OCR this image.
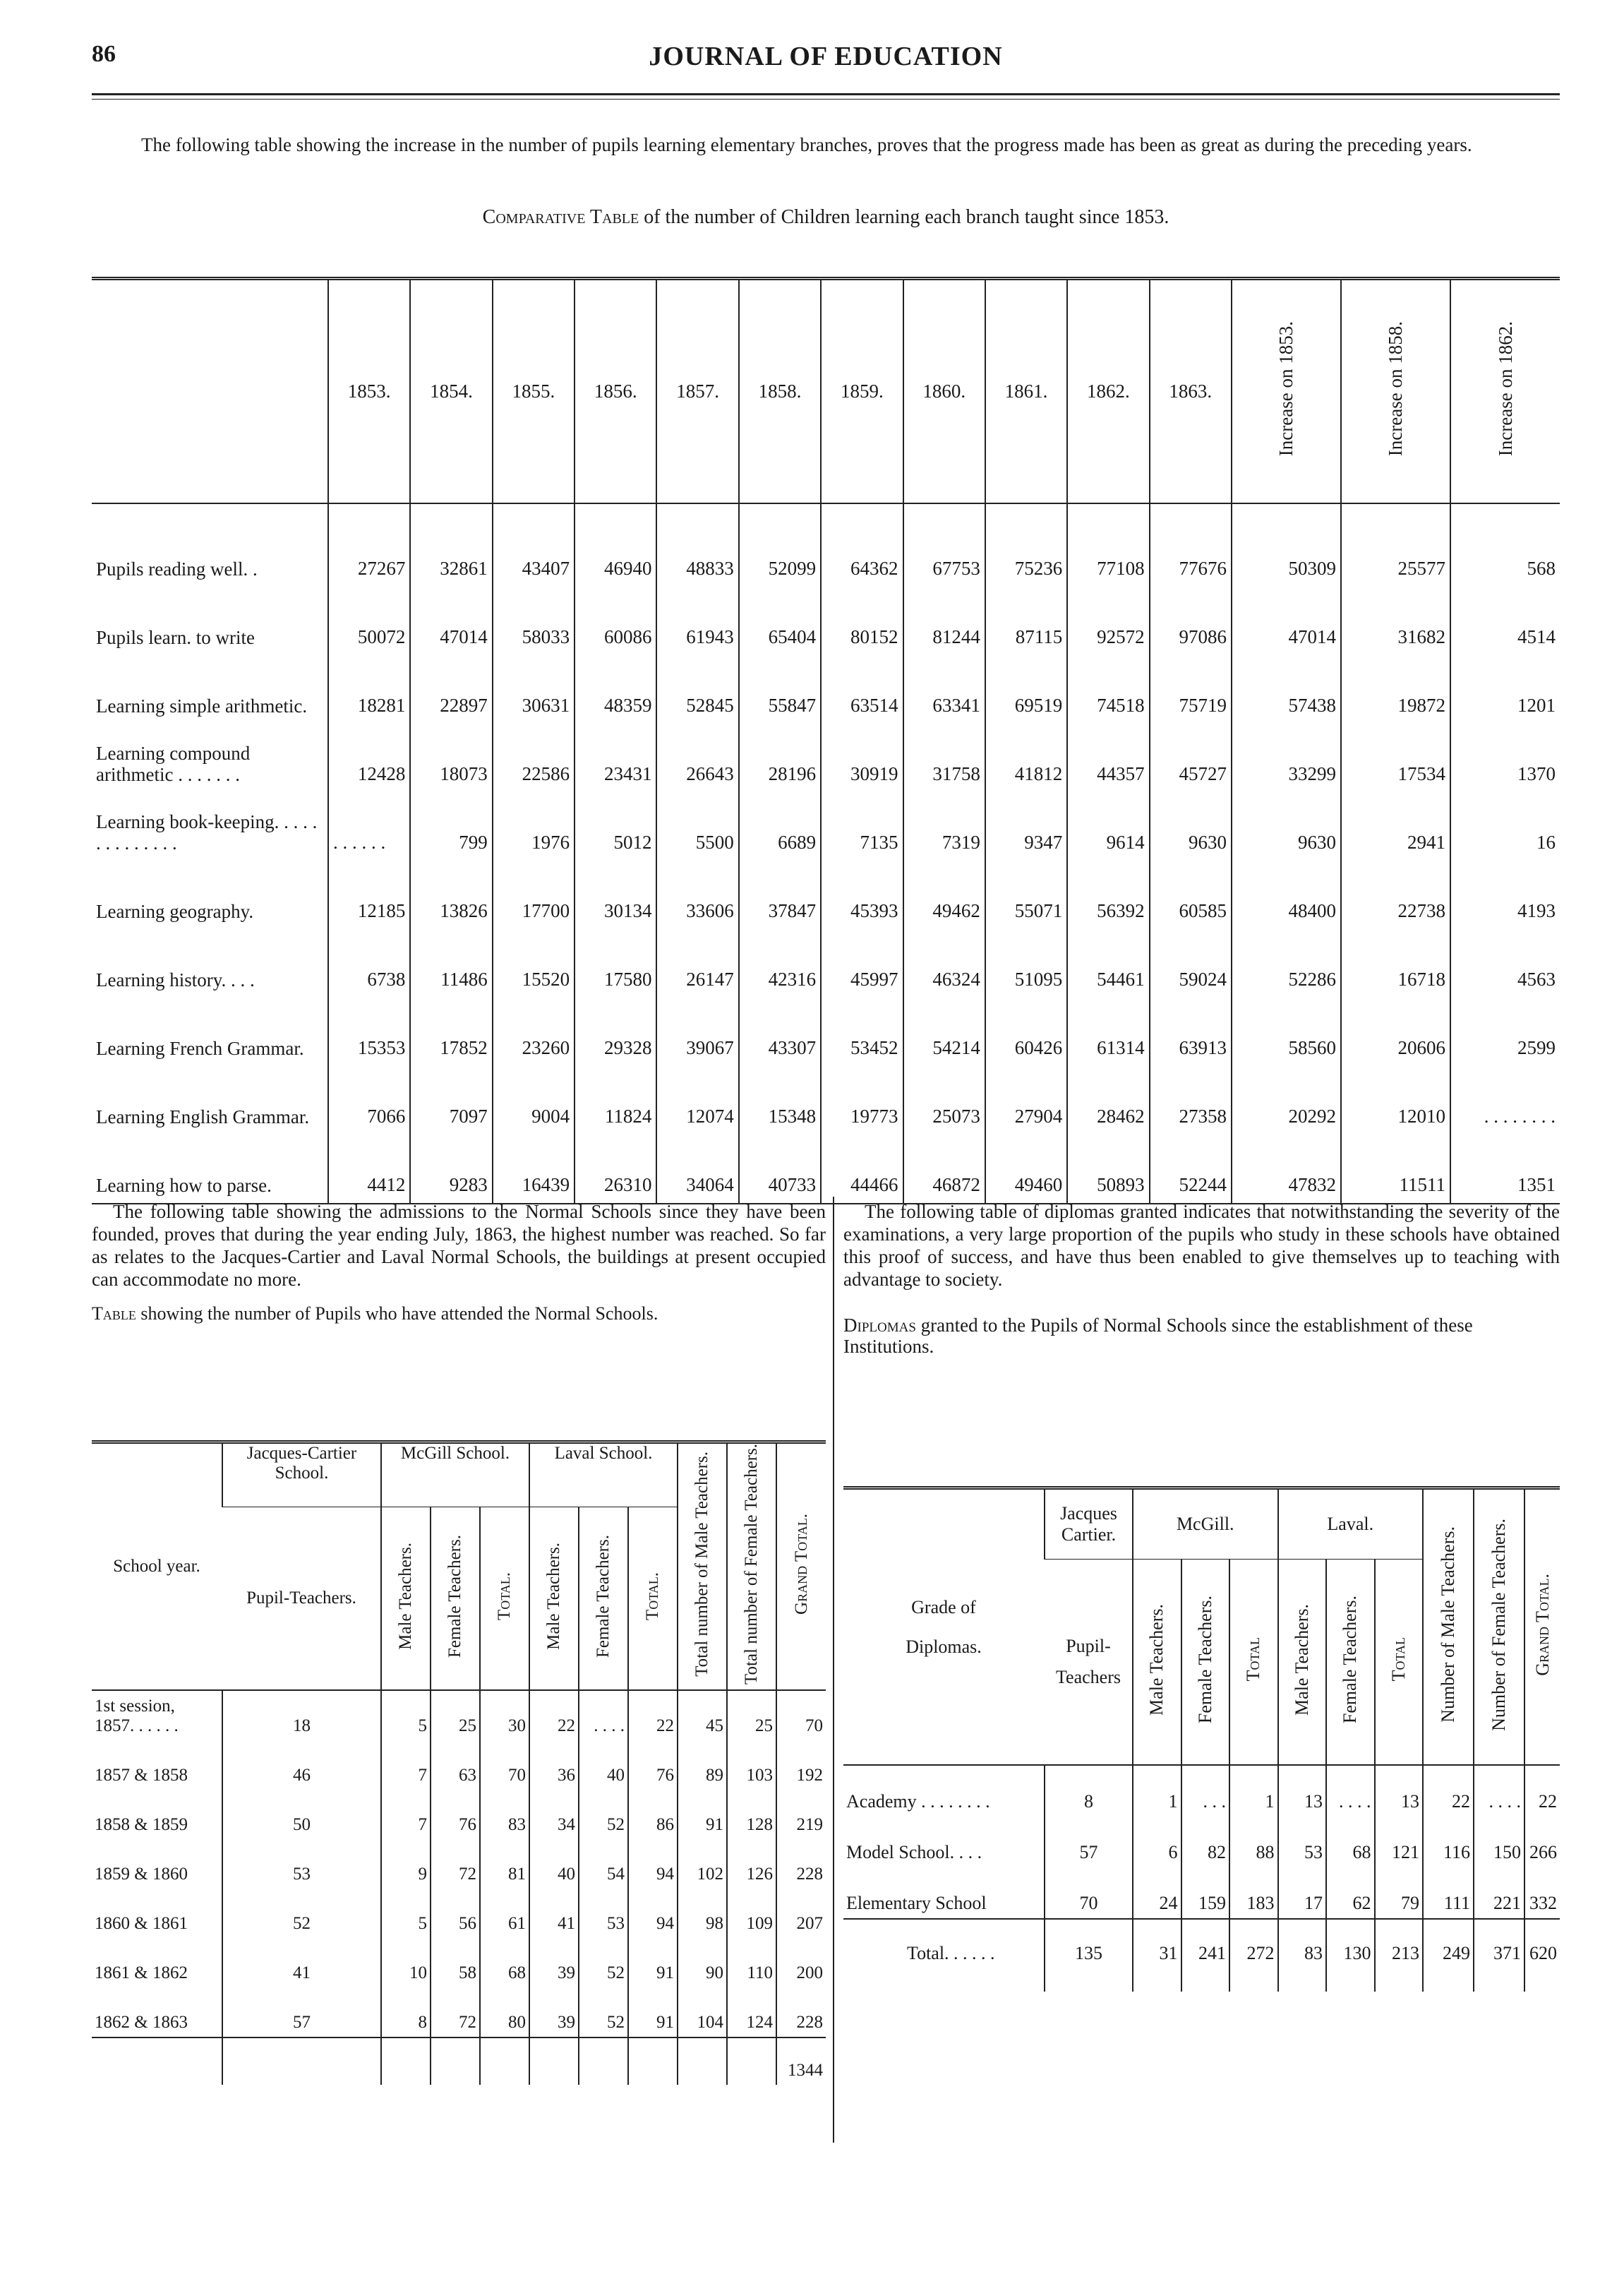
86	JOURNAL OF EDUCATION

The following table showing the increase in the number of pupils learning elementary branches, proves that the progress made has been as great as during the preceding years.

Comparative Table of the number of Children learning each branch taught since 1853.
	1853.	1854.	1855.	1856.	1857.	1858.	1859.	1860.	1861.	1862.	1863.	Increase on 1853.	Increase on 1858.	Increase on 1862.
Pupils reading well. .	27267	32861	43407	46940	48833	52099	64362	67753	75236	77108	77676	50309	25577	568
Pupils learn. to write	50072	47014	58033	60086	61943	65404	80152	81244	87115	92572	97086	47014	31682	4514
Learning simple arithmetic.	18281	22897	30631	48359	52845	55847	63514	63341	69519	74518	75719	57438	19872	1201
Learning compound arithmetic . . . . . . .	12428	18073	22586	23431	26643	28196	30919	31758	41812	44357	45727	33299	17534	1370
Learning book-keeping. . . . . . . . . . . . . .	. . . . . .	799	1976	5012	5500	6689	7135	7319	9347	9614	9630	9630	2941	16
Learning geography.	12185	13826	17700	30134	33606	37847	45393	49462	55071	56392	60585	48400	22738	4193
Learning history. . . .	6738	11486	15520	17580	26147	42316	45997	46324	51095	54461	59024	52286	16718	4563
Learning French Grammar.	15353	17852	23260	29328	39067	43307	53452	54214	60426	61314	63913	58560	20606	2599
Learning English Grammar.	7066	7097	9004	11824	12074	15348	19773	25073	27904	28462	27358	20292	12010	. . . . . . . .
Learning how to parse.	4412	9283	16439	26310	34064	40733	44466	46872	49460	50893	52244	47832	11511	1351

The following table showing the admissions to the Normal Schools since they have been founded, proves that during the year ending July, 1863, the highest number was reached. So far as relates to the Jacques-Cartier and Laval Normal Schools, the buildings at present occupied can accommodate no more.

Table showing the number of Pupils who have attended the Normal Schools.

School year.	Jacques-Cartier School.	McGill School.			Laval School.			Total number of Male Teachers.	Total number of Female Teachers.	Grand Total.
	Pupil-Teachers.	Male Teachers.	Female Teachers.	Total.	Male Teachers.	Female Teachers.	Total.			
1st session, 1857. . . . . .	18	5	25	30	22	. . . .	22	45	25	70
1857 & 1858	46	7	63	70	36	40	76	89	103	192
1858 & 1859	50	7	76	83	34	52	86	91	128	219
1859 & 1860	53	9	72	81	40	54	94	102	126	228
1860 & 1861	52	5	56	61	41	53	94	98	109	207
1861 & 1862	41	10	58	68	39	52	91	90	110	200
1862 & 1863	57	8	72	80	39	52	91	104	124	228
										1344

The following table of diplomas granted indicates that notwithstanding the severity of the examinations, a very large proportion of the pupils who study in these schools have obtained this proof of success, and have thus been enabled to give themselves up to teaching with advantage to society.

Diplomas granted to the Pupils of Normal Schools since the establishment of these Institutions.

Grade of Diplomas.	Jacques Cartier.	McGill.			Laval.			Number of Male Teachers.	Number of Female Teachers.	Grand Total.
	Pupil-Teachers	Male Teachers.	Female Teachers.	Total	Male Teachers.	Female Teachers.	Total			
Academy . . . . . . . .	8	1	. . .	1	13	. . . .	13	22	. . . .	22
Model School. . . .	57	6	82	88	53	68	121	116	150	266
Elementary School	70	24	159	183	17	62	79	111	221	332
Total. . . . . .	135	31	241	272	83	130	213	249	371	620
